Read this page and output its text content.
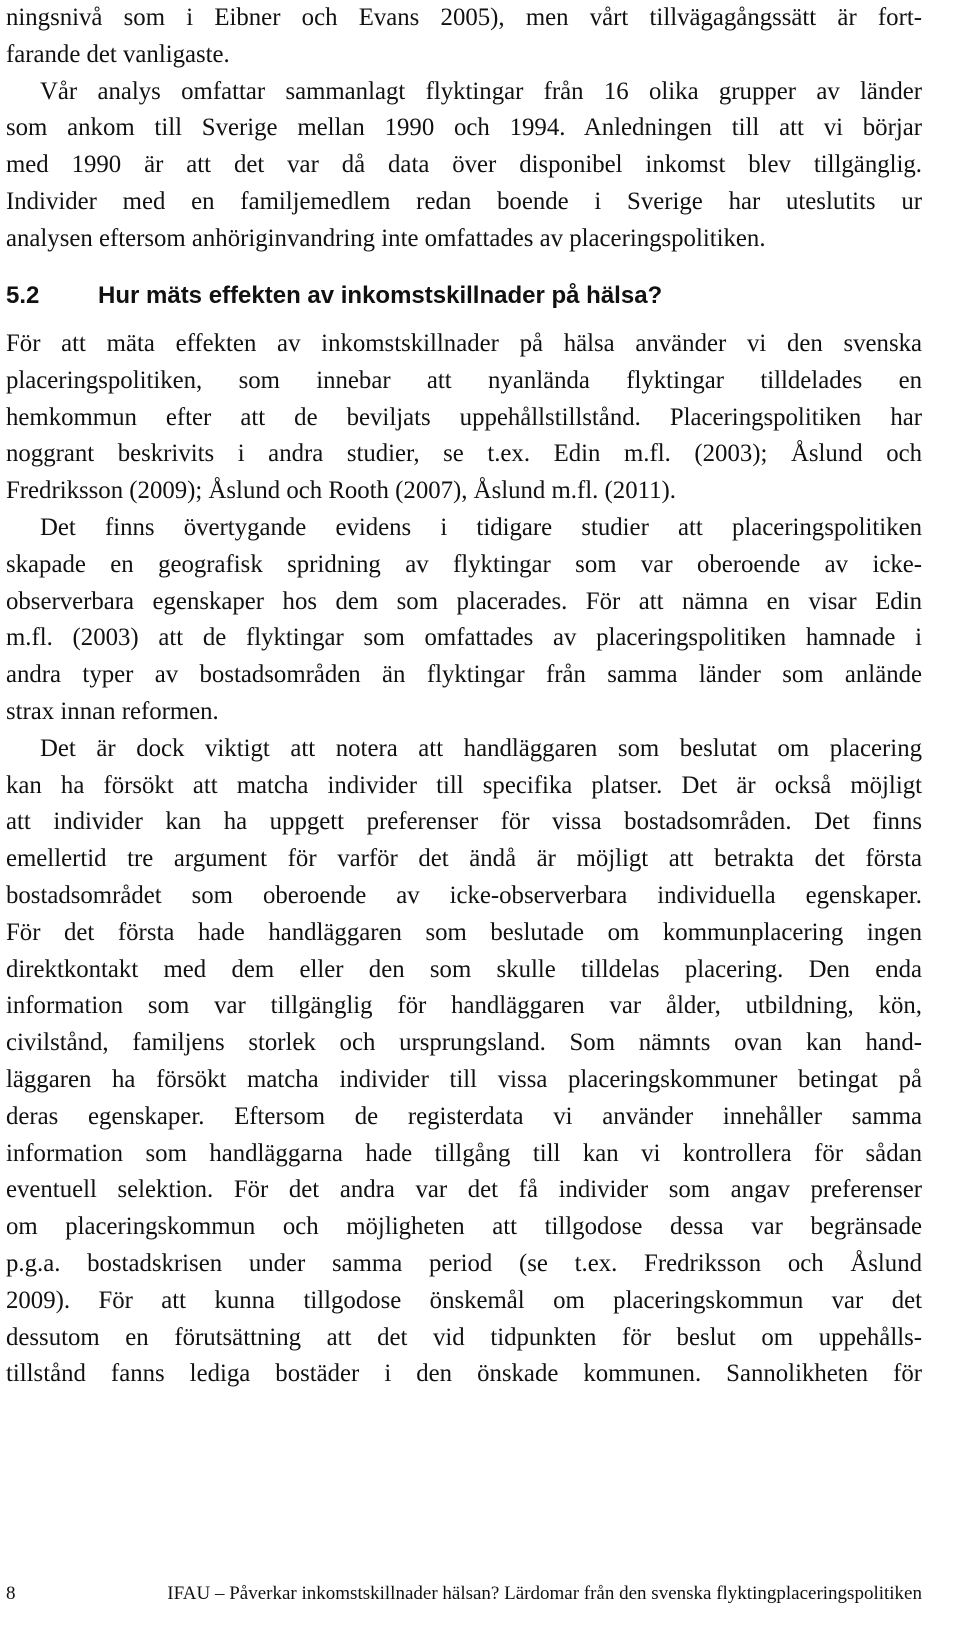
ningsnivå som i Eibner och Evans 2005), men vårt tillvägagångssätt är fort-
farande det vanligaste.
Vår analys omfattar sammanlagt flyktingar från 16 olika grupper av länder
som ankom till Sverige mellan 1990 och 1994. Anledningen till att vi börjar
med 1990 är att det var då data över disponibel inkomst blev tillgänglig.
Individer med en familjemedlem redan boende i Sverige har uteslutits ur
analysen eftersom anhöriginvandring inte omfattades av placeringspolitiken.
5.2 Hur mäts effekten av inkomstskillnader på hälsa?
För att mäta effekten av inkomstskillnader på hälsa använder vi den svenska
placeringspolitiken, som innebar att nyanlända flyktingar tilldelades en
hemkommun efter att de beviljats uppehållstillstånd. Placeringspolitiken har
noggrant beskrivits i andra studier, se t.ex. Edin m.fl. (2003); Åslund och
Fredriksson (2009); Åslund och Rooth (2007), Åslund m.fl. (2011).
Det finns övertygande evidens i tidigare studier att placeringspolitiken
skapade en geografisk spridning av flyktingar som var oberoende av icke-
observerbara egenskaper hos dem som placerades. För att nämna en visar Edin
m.fl. (2003) att de flyktingar som omfattades av placeringspolitiken hamnade i
andra typer av bostadsområden än flyktingar från samma länder som anlände
strax innan reformen.
Det är dock viktigt att notera att handläggaren som beslutat om placering
kan ha försökt att matcha individer till specifika platser. Det är också möjligt
att individer kan ha uppgett preferenser för vissa bostadsområden. Det finns
emellertid tre argument för varför det ändå är möjligt att betrakta det första
bostadsområdet som oberoende av icke-observerbara individuella egenskaper.
För det första hade handläggaren som beslutade om kommunplacering ingen
direktkontakt med dem eller den som skulle tilldelas placering. Den enda
information som var tillgänglig för handläggaren var ålder, utbildning, kön,
civilstånd, familjens storlek och ursprungsland. Som nämnts ovan kan hand-
läggaren ha försökt matcha individer till vissa placeringskommuner betingat på
deras egenskaper. Eftersom de registerdata vi använder innehåller samma
information som handläggarna hade tillgång till kan vi kontrollera för sådan
eventuell selektion. För det andra var det få individer som angav preferenser
om placeringskommun och möjligheten att tillgodose dessa var begränsade
p.g.a. bostadskrisen under samma period (se t.ex. Fredriksson och Åslund
2009). För att kunna tillgodose önskemål om placeringskommun var det
dessutom en förutsättning att det vid tidpunkten för beslut om uppehålls-
tillstånd fanns lediga bostäder i den önskade kommunen. Sannolikheten för
8	IFAU – Påverkar inkomstskillnader hälsan? Lärdomar från den svenska flyktingplaceringspolitiken
